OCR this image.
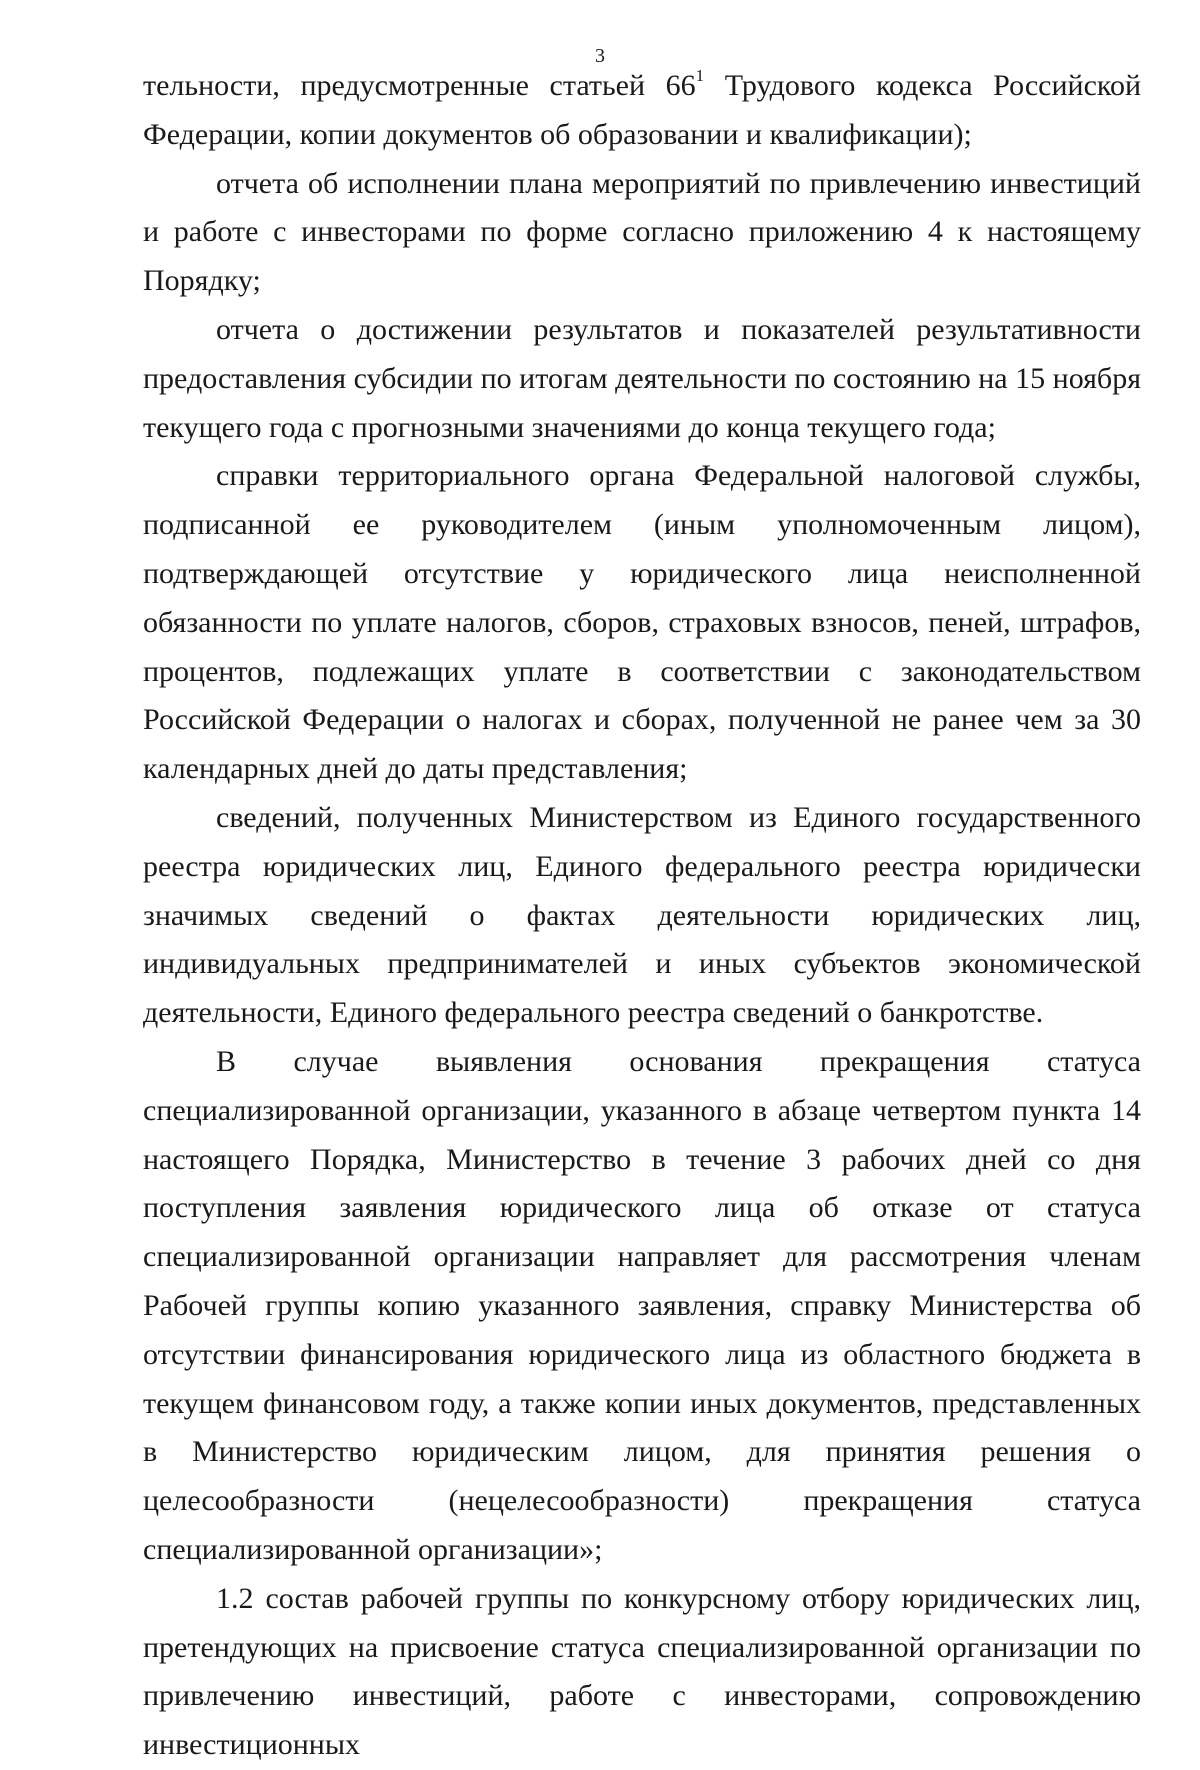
3

тельности, предусмотренные статьей $66^1$ Трудового кодекса Российской Федерации, копии документов об образовании и квалификации);

отчета об исполнении плана мероприятий по привлечению инвестиций и работе с инвесторами по форме согласно приложению 4 к настоящему Порядку;

отчета о достижении результатов и показателей результативности предоставления субсидии по итогам деятельности по состоянию на 15 ноября текущего года с прогнозными значениями до конца текущего года;

справки территориального органа Федеральной налоговой службы, подписанной ее руководителем (иным уполномоченным лицом), подтверждающей отсутствие у юридического лица неисполненной обязанности по уплате налогов, сборов, страховых взносов, пеней, штрафов, процентов, подлежащих уплате в соответствии с законодательством Российской Федерации о налогах и сборах, полученной не ранее чем за 30 календарных дней до даты представления;

сведений, полученных Министерством из Единого государственного реестра юридических лиц, Единого федерального реестра юридически значимых сведений о фактах деятельности юридических лиц, индивидуальных предпринимателей и иных субъектов экономической деятельности, Единого федерального реестра сведений о банкротстве.

В случае выявления основания прекращения статуса специализированной организации, указанного в абзаце четвертом пункта 14 настоящего Порядка, Министерство в течение 3 рабочих дней со дня поступления заявления юридического лица об отказе от статуса специализированной организации направляет для рассмотрения членам Рабочей группы копию указанного заявления, справку Министерства об отсутствии финансирования юридического лица из областного бюджета в текущем финансовом году, а также копии иных документов, представленных в Министерство юридическим лицом, для принятия решения о целесообразности (нецелесообразности) прекращения статуса специализированной организации»;

1.2 состав рабочей группы по конкурсному отбору юридических лиц, претендующих на присвоение статуса специализированной организации по привлечению инвестиций, работе с инвесторами, сопровождению инвестиционных
